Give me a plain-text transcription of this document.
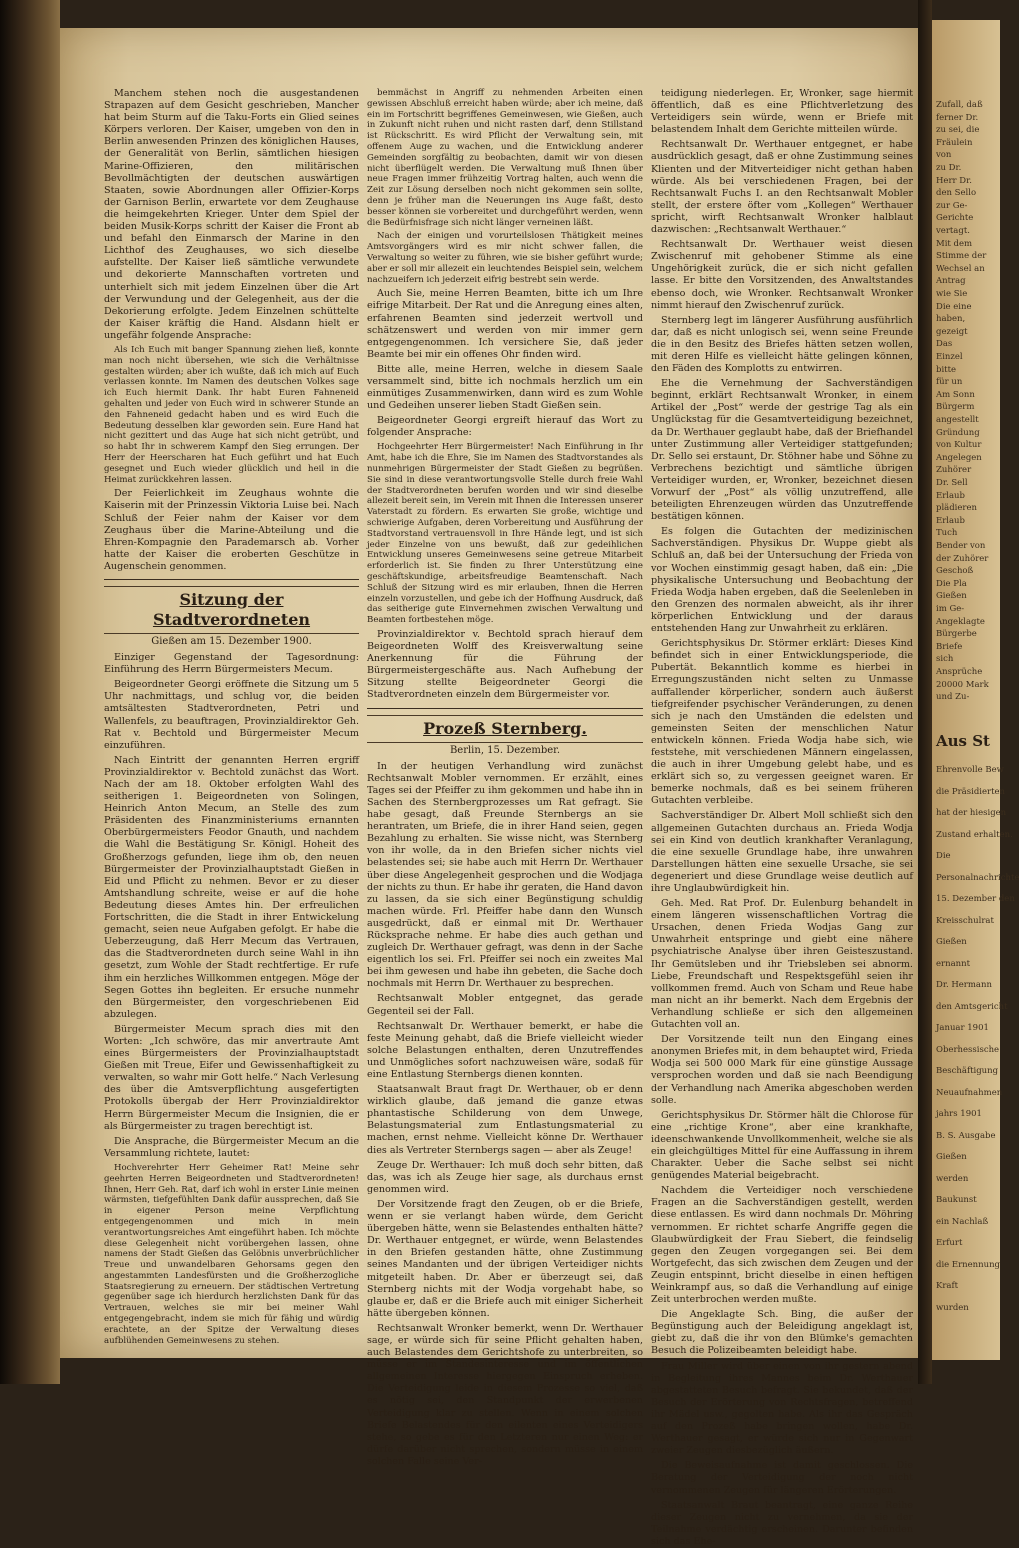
Manchem stehen noch die ausgestandenen Strapazen auf dem Gesicht geschrieben, Mancher hat beim Sturm auf die Taku-Forts ein Glied seines Körpers verloren. Der Kaiser, umgeben von den in Berlin anwesenden Prinzen des königlichen Hauses, der Generalität von Berlin, sämtlichen hiesigen Marine-Offizieren, den militärischen Bevollmächtigten der deutschen auswärtigen Staaten, sowie Abordnungen aller Offizier-Korps der Garnison Berlin, erwartete vor dem Zeughause die heimgekehrten Krieger. Unter dem Spiel der beiden Musik-Korps schritt der Kaiser die Front ab und befahl den Einmarsch der Marine in den Lichthof des Zeughauses, wo sich dieselbe aufstellte. Der Kaiser ließ sämtliche verwundete und dekorierte Mannschaften vortreten und unterhielt sich mit jedem Einzelnen über die Art der Verwundung und der Gelegenheit, aus der die Dekorierung erfolgte. Jedem Einzelnen schüttelte der Kaiser kräftig die Hand. Alsdann hielt er ungefähr folgende Ansprache:

Als Ich Euch mit banger Spannung ziehen ließ, konnte man noch nicht übersehen, wie sich die Verhältnisse gestalten würden; aber ich wußte, daß ich mich auf Euch verlassen konnte. Im Namen des deutschen Volkes sage ich Euch hiermit Dank. Ihr habt Euren Fahneneid gehalten und jeder von Euch wird in schwerer Stunde an den Fahneneid gedacht haben und es wird Euch die Bedeutung desselben klar geworden sein. Eure Hand hat nicht gezittert und das Auge hat sich nicht getrübt, und so habt Ihr in schwerem Kampf den Sieg errungen. Der Herr der Heerscharen hat Euch geführt und hat Euch gesegnet und Euch wieder glücklich und heil in die Heimat zurückkehren lassen.

Der Feierlichkeit im Zeughaus wohnte die Kaiserin mit der Prinzessin Viktoria Luise bei. Nach Schluß der Feier nahm der Kaiser vor dem Zeughaus über die Marine-Abteilung und die Ehren-Kompagnie den Parademarsch ab. Vorher hatte der Kaiser die eroberten Geschütze in Augenschein genommen.

Sitzung der Stadtverordneten
Gießen am 15. Dezember 1900.

Einziger Gegenstand der Tagesordnung: Einführung des Herrn Bürgermeisters Mecum.

Beigeordneter Georgi eröffnete die Sitzung um 5 Uhr nachmittags, und schlug vor, die beiden amtsältesten Stadtverordneten, Petri und Wallenfels, zu beauftragen, Provinzialdirektor Geh. Rat v. Bechtold und Bürgermeister Mecum einzuführen.

Nach Eintritt der genannten Herren ergriff Provinzialdirektor v. Bechtold zunächst das Wort. Nach der am 18. Oktober erfolgten Wahl des seitherigen 1. Beigeordneten von Solingen, Heinrich Anton Mecum, an Stelle des zum Präsidenten des Finanzministeriums ernannten Oberbürgermeisters Feodor Gnauth, und nachdem die Wahl die Bestätigung Sr. Königl. Hoheit des Großherzogs gefunden, liege ihm ob, den neuen Bürgermeister der Provinzialhauptstadt Gießen in Eid und Pflicht zu nehmen. Bevor er zu dieser Amtshandlung schreite, weise er auf die hohe Bedeutung dieses Amtes hin. Der erfreulichen Fortschritten, die die Stadt in ihrer Entwickelung gemacht, seien neue Aufgaben gefolgt. Er habe die Ueberzeugung, daß Herr Mecum das Vertrauen, das die Stadtverordneten durch seine Wahl in ihn gesetzt, zum Wohle der Stadt rechtfertige. Er rufe ihm ein herzliches Willkommen entgegen. Möge der Segen Gottes ihn begleiten. Er ersuche nunmehr den Bürgermeister, den vorgeschriebenen Eid abzulegen.

Bürgermeister Mecum sprach dies mit den Worten: „Ich schwöre, das mir anvertraute Amt eines Bürgermeisters der Provinzialhauptstadt Gießen mit Treue, Eifer und Gewissenhaftigkeit zu verwalten, so wahr mir Gott helfe.“ Nach Verlesung des über die Amtsverpflichtung ausgefertigten Protokolls übergab der Herr Provinzialdirektor Herrn Bürgermeister Mecum die Insignien, die er als Bürgermeister zu tragen berechtigt ist.

Die Ansprache, die Bürgermeister Mecum an die Versammlung richtete, lautet:

Hochverehrter Herr Geheimer Rat! Meine sehr geehrten Herren Beigeordneten und Stadtverordneten! Ihnen, Herr Geh. Rat, darf ich wohl in erster Linie meinen wärmsten, tiefgefühlten Dank dafür aussprechen, daß Sie in eigener Person meine Verpflichtung entgegengenommen und mich in mein verantwortungsreiches Amt eingeführt haben. Ich möchte diese Gelegenheit nicht vorübergehen lassen, ohne namens der Stadt Gießen das Gelöbnis unverbrüchlicher Treue und unwandelbaren Gehorsams gegen den angestammten Landesfürsten und die Großherzogliche Staatsregierung zu erneuern. Der städtischen Vertretung gegenüber sage ich hierdurch herzlichsten Dank für das Vertrauen, welches sie mir bei meiner Wahl entgegengebracht, indem sie mich für fähig und würdig erachtete, an der Spitze der Verwaltung dieses aufblühenden Gemeinwesens zu stehen.

bemmächst in Angriff zu nehmenden Arbeiten einen gewissen Abschluß erreicht haben würde; aber ich meine, daß ein im Fortschritt begriffenes Gemeinwesen, wie Gießen, auch in Zukunft nicht ruhen und nicht rasten darf, denn Stillstand ist Rückschritt. Es wird Pflicht der Verwaltung sein, mit offenem Auge zu wachen, und die Entwicklung anderer Gemeinden sorgfältig zu beobachten, damit wir von diesen nicht überflügelt werden. Die Verwaltung muß Ihnen über neue Fragen immer frühzeitig Vortrag halten, auch wenn die Zeit zur Lösung derselben noch nicht gekommen sein sollte, denn je früher man die Neuerungen ins Auge faßt, desto besser können sie vorbereitet und durchgeführt werden, wenn die Bedürfnisfrage sich nicht länger verneinen läßt.

Nach der einigen und vorurteilslosen Thätigkeit meines Amtsvorgängers wird es mir nicht schwer fallen, die Verwaltung so weiter zu führen, wie sie bisher geführt wurde; aber er soll mir allezeit ein leuchtendes Beispiel sein, welchem nachzueifern ich jederzeit eifrig bestrebt sein werde.

Auch Sie, meine Herren Beamten, bitte ich um Ihre eifrige Mitarbeit. Der Rat und die Anregung eines alten, erfahrenen Beamten sind jederzeit wertvoll und schätzenswert und werden von mir immer gern entgegengenommen. Ich versichere Sie, daß jeder Beamte bei mir ein offenes Ohr finden wird.

Bitte alle, meine Herren, welche in diesem Saale versammelt sind, bitte ich nochmals herzlich um ein einmütiges Zusammenwirken, dann wird es zum Wohle und Gedeihen unserer lieben Stadt Gießen sein.

Beigeordneter Georgi ergreift hierauf das Wort zu folgender Ansprache:

Hochgeehrter Herr Bürgermeister! Nach Einführung in Ihr Amt, habe ich die Ehre, Sie im Namen des Stadtvorstandes als nunmehrigen Bürgermeister der Stadt Gießen zu begrüßen. Sie sind in diese verantwortungsvolle Stelle durch freie Wahl der Stadtverordneten berufen worden und wir sind dieselbe allezeit bereit sein, im Verein mit Ihnen die Interessen unserer Vaterstadt zu fördern. Es erwarten Sie große, wichtige und schwierige Aufgaben, deren Vorbereitung und Ausführung der Stadtvorstand vertrauensvoll in Ihre Hände legt, und ist sich jeder Einzelne von uns bewußt, daß zur gedeihlichen Entwicklung unseres Gemeinwesens seine getreue Mitarbeit erforderlich ist. Sie finden zu Ihrer Unterstützung eine geschäftskundige, arbeitsfreudige Beamtenschaft. Nach Schluß der Sitzung wird es mir erlauben, Ihnen die Herren einzeln vorzustellen, und gebe ich der Hoffnung Ausdruck, daß das seitherige gute Einvernehmen zwischen Verwaltung und Beamten fortbestehen möge.

Provinzialdirektor v. Bechtold sprach hierauf dem Beigeordneten Wolff des Kreisverwaltung seine Anerkennung für die Führung der Bürgermeistergeschäfte aus. Nach Aufhebung der Sitzung stellte Beigeordneter Georgi die Stadtverordneten einzeln dem Bürgermeister vor.

Prozeß Sternberg.
Berlin, 15. Dezember.

In der heutigen Verhandlung wird zunächst Rechtsanwalt Mobler vernommen. Er erzählt, eines Tages sei der Pfeiffer zu ihm gekommen und habe ihn in Sachen des Sternbergprozesses um Rat gefragt. Sie habe gesagt, daß Freunde Sternbergs an sie herantraten, um Briefe, die in ihrer Hand seien, gegen Bezahlung zu erhalten. Sie wisse nicht, was Sternberg von ihr wolle, da in den Briefen sicher nichts viel belastendes sei; sie habe auch mit Herrn Dr. Werthauer über diese Angelegenheit gesprochen und die Wodjaga der nichts zu thun. Er habe ihr geraten, die Hand davon zu lassen, da sie sich einer Begünstigung schuldig machen würde. Frl. Pfeiffer habe dann den Wunsch ausgedrückt, daß er einmal mit Dr. Werthauer Rücksprache nehme. Er habe dies auch gethan und zugleich Dr. Werthauer gefragt, was denn in der Sache eigentlich los sei. Frl. Pfeiffer sei noch ein zweites Mal bei ihm gewesen und habe ihn gebeten, die Sache doch nochmals mit Herrn Dr. Werthauer zu besprechen.

Rechtsanwalt Mobler entgegnet, das gerade Gegenteil sei der Fall.

Rechtsanwalt Dr. Werthauer bemerkt, er habe die feste Meinung gehabt, daß die Briefe vielleicht wieder solche Belastungen enthalten, deren Unzutreffendes und Unmögliches sofort nachzuweisen wäre, sodaß für eine Entlastung Sternbergs dienen konnten.

Staatsanwalt Braut fragt Dr. Werthauer, ob er denn wirklich glaube, daß jemand die ganze etwas phantastische Schilderung von dem Unwege, Belastungsmaterial zum Entlastungsmaterial zu machen, ernst nehme. Vielleicht könne Dr. Werthauer dies als Vertreter Sternbergs sagen — aber als Zeuge!

Zeuge Dr. Werthauer: Ich muß doch sehr bitten, daß das, was ich als Zeuge hier sage, als durchaus ernst genommen wird.

Der Vorsitzende fragt den Zeugen, ob er die Briefe, wenn er sie verlangt haben würde, dem Gericht übergeben hätte, wenn sie Belastendes enthalten hätte? Dr. Werthauer entgegnet, er würde, wenn Belastendes in den Briefen gestanden hätte, ohne Zustimmung seines Mandanten und der übrigen Verteidiger nichts mitgeteilt haben. Dr. Aber er überzeugt sei, daß Sternberg nichts mit der Wodja vorgehabt habe, so glaube er, daß er die Briefe auch mit einiger Sicherheit hätte übergeben können.

Rechtsanwalt Wronker bemerkt, wenn Dr. Werthauer sage, er würde sich für seine Pflicht gehalten haben, auch Belastendes dem Gerichtshofe zu unterbreiten, so müsse er im Standesinteresse und im öffentlichen allgemeinen Interesse hiergegen Einspruch erheben. Die Verteidigung leide in diesem Prozesse so viel, daß es nötig sei, den Standpunkt der erwerbenen Verteidigung klar zu stellen. Wenn in einem solchen Briefe Belastendes für den eilenten eines Verteidigers stehe, so gebe es für den Letzteren nur einen Weg: er dürfe darüber nicht sprechen, sondern müsse in einem solchen Falle seine Ver-

teidigung niederlegen. Er, Wronker, sage hiermit öffentlich, daß es eine Pflichtverletzung des Verteidigers sein würde, wenn er Briefe mit belastendem Inhalt dem Gerichte mitteilen würde.

Rechtsanwalt Dr. Werthauer entgegnet, er habe ausdrücklich gesagt, daß er ohne Zustimmung seines Klienten und der Mitverteidiger nicht gethan haben würde. Als bei verschiedenen Fragen, bei der Rechtsanwalt Fuchs I. an den Rechtsanwalt Mobler stellt, der erstere öfter vom „Kollegen“ Werthauer spricht, wirft Rechtsanwalt Wronker halblaut dazwischen: „Rechtsanwalt Werthauer.“

Rechtsanwalt Dr. Werthauer weist diesen Zwischenruf mit gehobener Stimme als eine Ungehörigkeit zurück, die er sich nicht gefallen lasse. Er bitte den Vorsitzenden, des Anwaltstandes ebenso doch, wie Wronker. Rechtsanwalt Wronker nimmt hierauf den Zwischenruf zurück.

Sternberg legt im längerer Ausführung ausführlich dar, daß es nicht unlogisch sei, wenn seine Freunde die in den Besitz des Briefes hätten setzen wollen, mit deren Hilfe es vielleicht hätte gelingen können, den Fäden des Komplotts zu entwirren.

Ehe die Vernehmung der Sachverständigen beginnt, erklärt Rechtsanwalt Wronker, in einem Artikel der „Post“ werde der gestrige Tag als ein Unglückstag für die Gesamtverteidigung bezeichnet, da Dr. Werthauer geglaubt habe, daß der Briefhandel unter Zustimmung aller Verteidiger stattgefunden; Dr. Sello sei erstaunt, Dr. Stöhner habe und Söhne zu Verbrechens bezichtigt und sämtliche übrigen Verteidiger wurden, er, Wronker, bezeichnet diesen Vorwurf der „Post“ als völlig unzutreffend, alle beteiligten Ehrenzeugen würden das Unzutreffende bestätigen können.

Es folgen die Gutachten der medizinischen Sachverständigen. Physikus Dr. Wuppe giebt als Schluß an, daß bei der Untersuchung der Frieda von vor Wochen einstimmig gesagt haben, daß ein: „Die physikalische Untersuchung und Beobachtung der Frieda Wodja haben ergeben, daß die Seelenleben in den Grenzen des normalen abweicht, als ihr ihrer körperlichen Entwicklung und der daraus entstehenden Hang zur Unwahrheit zu erklären.

Gerichtsphysikus Dr. Störmer erklärt: Dieses Kind befindet sich in einer Entwicklungsperiode, die Pubertät. Bekanntlich komme es hierbei in Erregungszuständen nicht selten zu Unmasse auffallender körperlicher, sondern auch äußerst tiefgreifender psychischer Veränderungen, zu denen sich je nach den Umständen die edelsten und gemeinsten Seiten der menschlichen Natur entwickeln können. Frieda Wodja habe sich, wie feststehe, mit verschiedenen Männern eingelassen, die auch in ihrer Umgebung gelebt habe, und es erklärt sich so, zu vergessen geeignet waren. Er bemerke nochmals, daß es bei seinem früheren Gutachten verbleibe.

Sachverständiger Dr. Albert Moll schließt sich den allgemeinen Gutachten durchaus an. Frieda Wodja sei ein Kind von deutlich krankhafter Veranlagung, die eine sexuelle Grundlage habe, ihre unwahren Darstellungen hätten eine sexuelle Ursache, sie sei degeneriert und diese Grundlage weise deutlich auf ihre Unglaubwürdigkeit hin.

Geh. Med. Rat Prof. Dr. Eulenburg behandelt in einem längeren wissenschaftlichen Vortrag die Ursachen, denen Frieda Wodjas Gang zur Unwahrheit entspringe und giebt eine nähere psychiatrische Analyse über ihren Geisteszustand. Ihr Gemütsleben und ihr Triebsleben sei abnorm. Liebe, Freundschaft und Respektsgefühl seien ihr vollkommen fremd. Auch von Scham und Reue habe man nicht an ihr bemerkt. Nach dem Ergebnis der Verhandlung schließe er sich den allgemeinen Gutachten voll an.

Der Vorsitzende teilt nun den Eingang eines anonymen Briefes mit, in dem behauptet wird, Frieda Wodja sei 500 000 Mark für eine günstige Aussage versprochen worden und daß sie nach Beendigung der Verhandlung nach Amerika abgeschoben werden solle.

Gerichtsphysikus Dr. Störmer hält die Chlorose für eine „richtige Krone“, aber eine krankhafte, ideenschwankende Unvollkommenheit, welche sie als ein gleichgültiges Mittel für eine Auffassung in ihrem Charakter. Ueber die Sache selbst sei nicht genügendes Material beigebracht.

Nachdem die Verteidiger noch verschiedene Fragen an die Sachverständigen gestellt, werden diese entlassen. Es wird dann nochmals Dr. Möhring vernommen. Er richtet scharfe Angriffe gegen die Glaubwürdigkeit der Frau Siebert, die feindselig gegen den Zeugen vorgegangen sei. Bei dem Wortgefecht, das sich zwischen dem Zeugen und der Zeugin entspinnt, bricht dieselbe in einen heftigen Weinkrampf aus, so daß die Verhandlung auf einige Zeit unterbrochen werden mußte.

Die Angeklagte Sch. Bing, die außer der Begünstigung auch der Beleidigung angeklagt ist, giebt zu, daß die ihr von den Blümke's gemachten Besuch die Polizeibeamten beleidigt habe.

Frau Miller wird über einen von ihr gestern abend in Begleitung ihres Mannes beim Dr. Werthauer abgestatteten Besuch befragt. Sie bekundet, daß der Besuch der Erörterung von Rechtsfragen, betreffend ihr Mädel usw., gegolten habe. Als ihr das Gespräch auf den Prozeß habe bringen wollen, habe Dr. Werthauer gesagt, er würde sich nur in Gegenwart zweier Zeugen diesbezüglich äußern.

Die Beweisaufnahme ist damit geschlossen. Die Beratung der Verteidigung der noch nicht vernommenen Zeugen für längeren Erörterungen.

Staatsanwalt Braut beantragt, eine ganze Reihe dieser Zeugen nicht zu vernehmen, da sie der Teilnahme verdächtig erscheinen. Darunter befinden sich das Ehe-

Aus St
Zufall, daß
ferner Dr.
zu sei, die
Fräulein
von
zu Dr.
Herr Dr.
den Sello
zur Ge-
Gerichte
vertagt.
Mit dem
Stimme der
Wechsel an
Antrag
wie Sie
Die eine
haben,
gezeigt
Das
Einzel
bitte
für un
Am Sonn
Bürgerm
angestellt
Gründung
von Kultur
Angelegen
Zuhörer
Dr. Sell
Erlaub
plädieren
Erlaub
Tuch
Bender von
der Zuhörer
Geschoß
Die Pla
Gießen
im Ge-
Angeklagte
Bürgerbe
Briefe
sich
Ansprüche
20000 Mark
und Zu-
Ehrenvolle Bew
die Präsidierten
hat der hiesigen
Zustand erhalten.
Die
Personalnachrichte
15. Dezember den
Kreisschulrat
Gießen
ernannt
Dr. Hermann
den Amtsgericht
Januar 1901
Oberhessische
Beschäftigung
Neuaufnahmen
jahrs 1901
B. S. Ausgabe
Gießen
werden
Baukunst
ein Nachlaß
Erfurt
die Ernennung
Kraft
wurden
